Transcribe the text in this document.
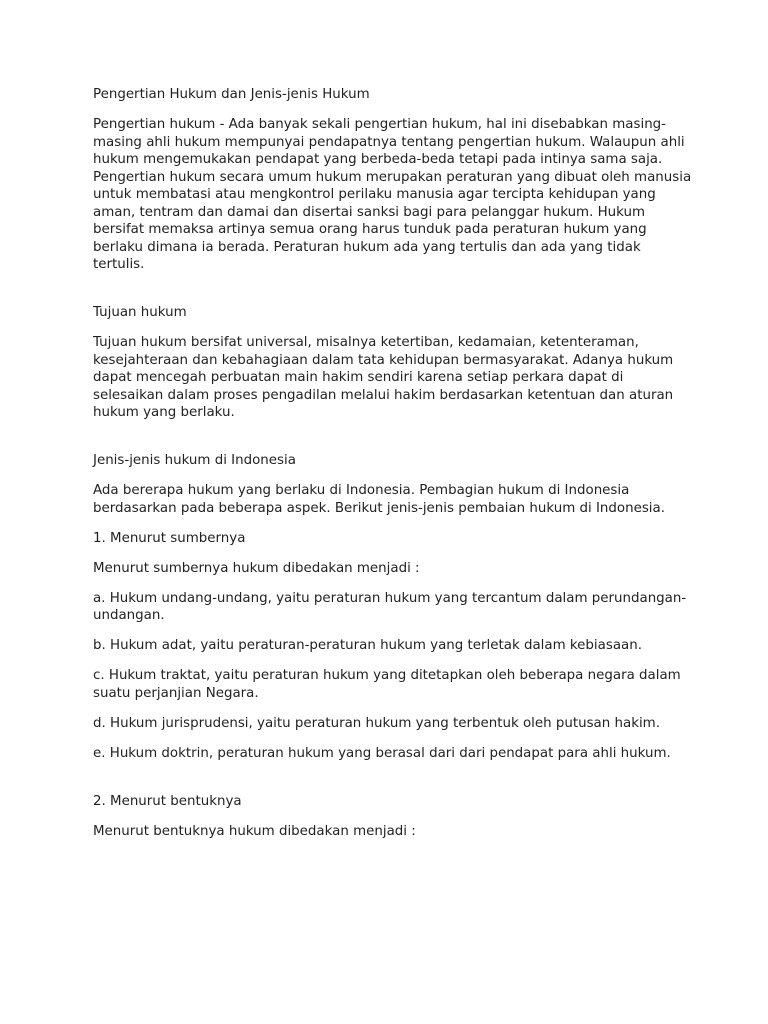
Pengertian Hukum dan Jenis-jenis Hukum

Pengertian hukum - Ada banyak sekali pengertian hukum, hal ini disebabkan masing-masing ahli hukum mempunyai pendapatnya tentang pengertian hukum. Walaupun ahli hukum mengemukakan pendapat yang berbeda-beda tetapi pada intinya sama saja. Pengertian hukum secara umum hukum merupakan peraturan yang dibuat oleh manusia untuk membatasi atau mengkontrol perilaku manusia agar tercipta kehidupan yang aman, tentram dan damai dan disertai sanksi bagi para pelanggar hukum. Hukum bersifat memaksa artinya semua orang harus tunduk pada peraturan hukum yang berlaku dimana ia berada. Peraturan hukum ada yang tertulis dan ada yang tidak tertulis.

Tujuan hukum

Tujuan hukum bersifat universal, misalnya ketertiban, kedamaian, ketenteraman, kesejahteraan dan kebahagiaan dalam tata kehidupan bermasyarakat. Adanya hukum dapat mencegah perbuatan main hakim sendiri karena setiap perkara dapat di selesaikan dalam proses pengadilan melalui hakim berdasarkan ketentuan dan aturan hukum yang berlaku.

Jenis-jenis hukum di Indonesia

Ada bererapa hukum yang berlaku di Indonesia. Pembagian hukum di Indonesia berdasarkan pada beberapa aspek. Berikut jenis-jenis pembaian hukum di Indonesia.

1. Menurut sumbernya

Menurut sumbernya hukum dibedakan menjadi :

a. Hukum undang-undang, yaitu peraturan hukum yang tercantum dalam perundangan-undangan.

b. Hukum adat, yaitu peraturan-peraturan hukum yang terletak dalam kebiasaan.

c. Hukum traktat, yaitu peraturan hukum yang ditetapkan oleh beberapa negara dalam suatu perjanjian Negara.

d. Hukum jurisprudensi, yaitu peraturan hukum yang terbentuk oleh putusan hakim.

e. Hukum doktrin, peraturan hukum yang berasal dari dari pendapat para ahli hukum.

2. Menurut bentuknya

Menurut bentuknya hukum dibedakan menjadi :
